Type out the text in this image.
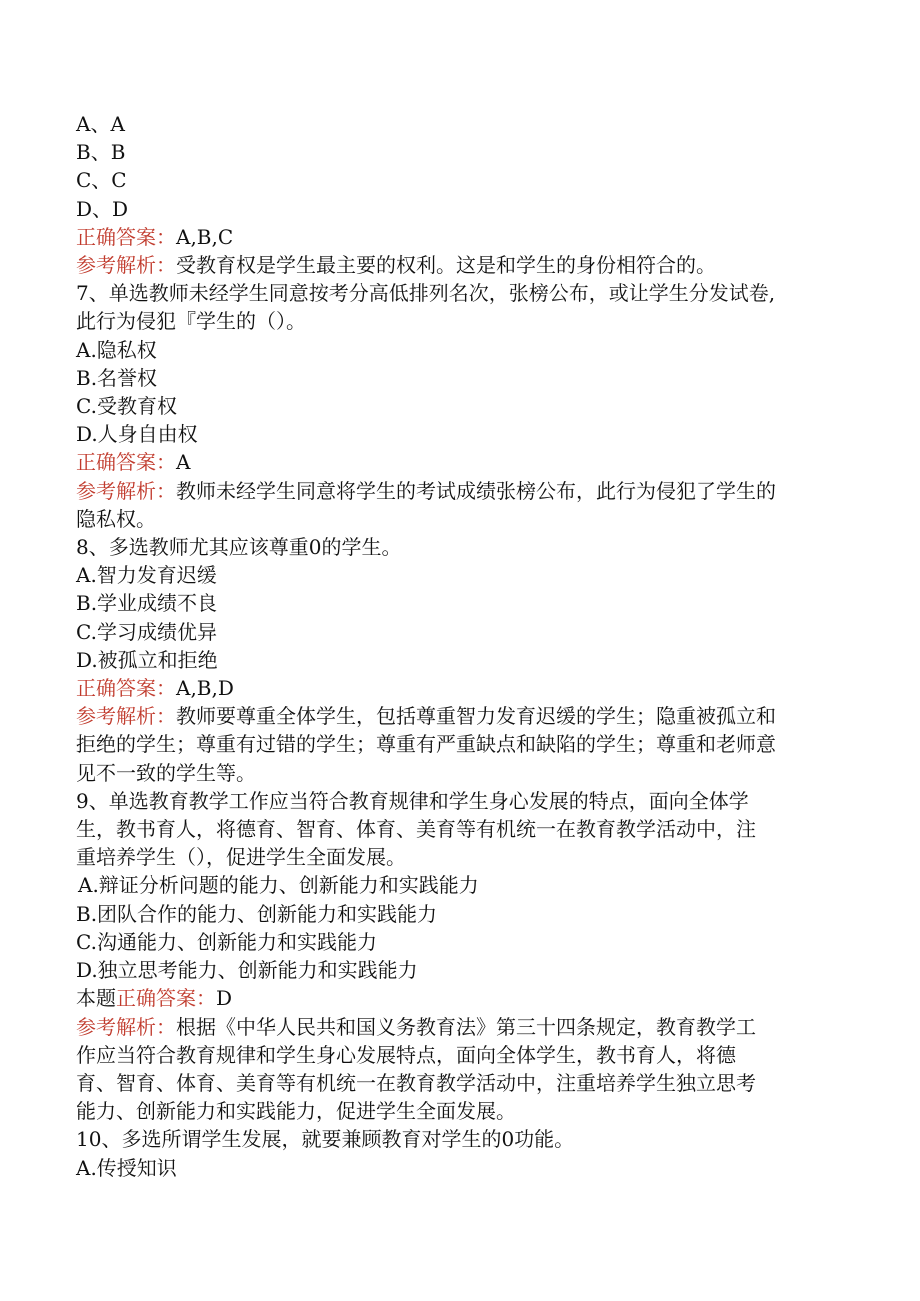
A、A
B、B
C、C
D、D
正确答案：A,B,C
参考解析：受教育权是学生最主要的权利。这是和学生的身份相符合的。
7、单选教师未经学生同意按考分高低排列名次，张榜公布，或让学生分发试卷,
此行为侵犯『学生的（）。
A.隐私权
B.名誉权
C.受教育权
D.人身自由权
正确答案：A
参考解析：教师未经学生同意将学生的考试成绩张榜公布，此行为侵犯了学生的
隐私权。
8、多选教师尤其应该尊重0的学生。
A.智力发育迟缓
B.学业成绩不良
C.学习成绩优异
D.被孤立和拒绝
正确答案：A,B,D
参考解析：教师要尊重全体学生，包括尊重智力发育迟缓的学生；隐重被孤立和
拒绝的学生；尊重有过错的学生；尊重有严重缺点和缺陷的学生；尊重和老师意
见不一致的学生等。
9、单选教育教学工作应当符合教育规律和学生身心发展的特点，面向全体学
生，教书育人，将德育、智育、体育、美育等有机统一在教育教学活动中，注
重培养学生（），促进学生全面发展。
A.辩证分析问题的能力、创新能力和实践能力
B.团队合作的能力、创新能力和实践能力
C.沟通能力、创新能力和实践能力
D.独立思考能力、创新能力和实践能力
本题正确答案：D
参考解析：根据《中华人民共和国义务教育法》第三十四条规定，教育教学工
作应当符合教育规律和学生身心发展特点，面向全体学生，教书育人，将德
育、智育、体育、美育等有机统一在教育教学活动中，注重培养学生独立思考
能力、创新能力和实践能力，促进学生全面发展。
10、多选所谓学生发展，就要兼顾教育对学生的0功能。
A.传授知识
